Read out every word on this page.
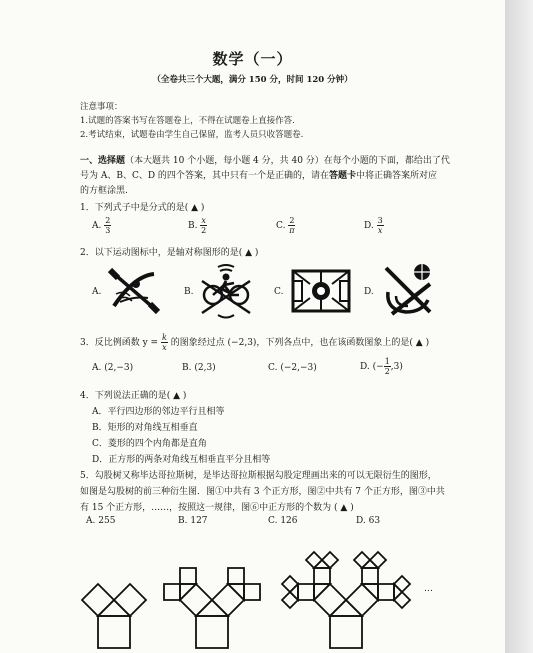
数学（一）
（全卷共三个大题，满分 150 分，时间 120 分钟）
注意事项：
1.试题的答案书写在答题卷上，不得在试题卷上直接作答.
2.考试结束，试题卷由学生自己保留，监考人员只收答题卷.
一、选择题（本大题共 10 个小题，每小题 4 分，共 40 分）在每个小题的下面，都给出了代
号为 A、B、C、D 的四个答案，其中只有一个是正确的，请在答题卡中将正确答案所对应
的方框涂黑.
1．下列式子中是分式的是( ▲ )
A. $\frac{2}{3}$	B. $\frac{x}{2}$	C. $\frac{2}{\pi}$	D. $\frac{3}{x}$
2．以下运动图标中，是轴对称图形的是( ▲ )
A.	B.	C.	D.
3．反比例函数 $y = \frac{k}{x}$ 的图象经过点 (−2,3)，下列各点中，也在该函数图象上的是( ▲ )
A. (2,−3)	B. (2,3)	C. (−2,−3)	D. (− $\frac{1}{2} ,3$)
4．下列说法正确的是( ▲ )
A．平行四边形的邻边平行且相等
B．矩形的对角线互相垂直
C．菱形的四个内角都是直角
D．正方形的两条对角线互相垂直平分且相等
5．勾股树又称毕达哥拉斯树，是毕达哥拉斯根据勾股定理画出来的可以无限衍生的图形，
如图是勾股树的前三种衍生图．图①中共有 3 个正方形，图②中共有 7 个正方形，图③中共
有 15 个正方形，……，按照这一规律，图⑥中正方形的个数为 ( ▲ )
A. 255	B. 127	C. 126	D. 63
…
